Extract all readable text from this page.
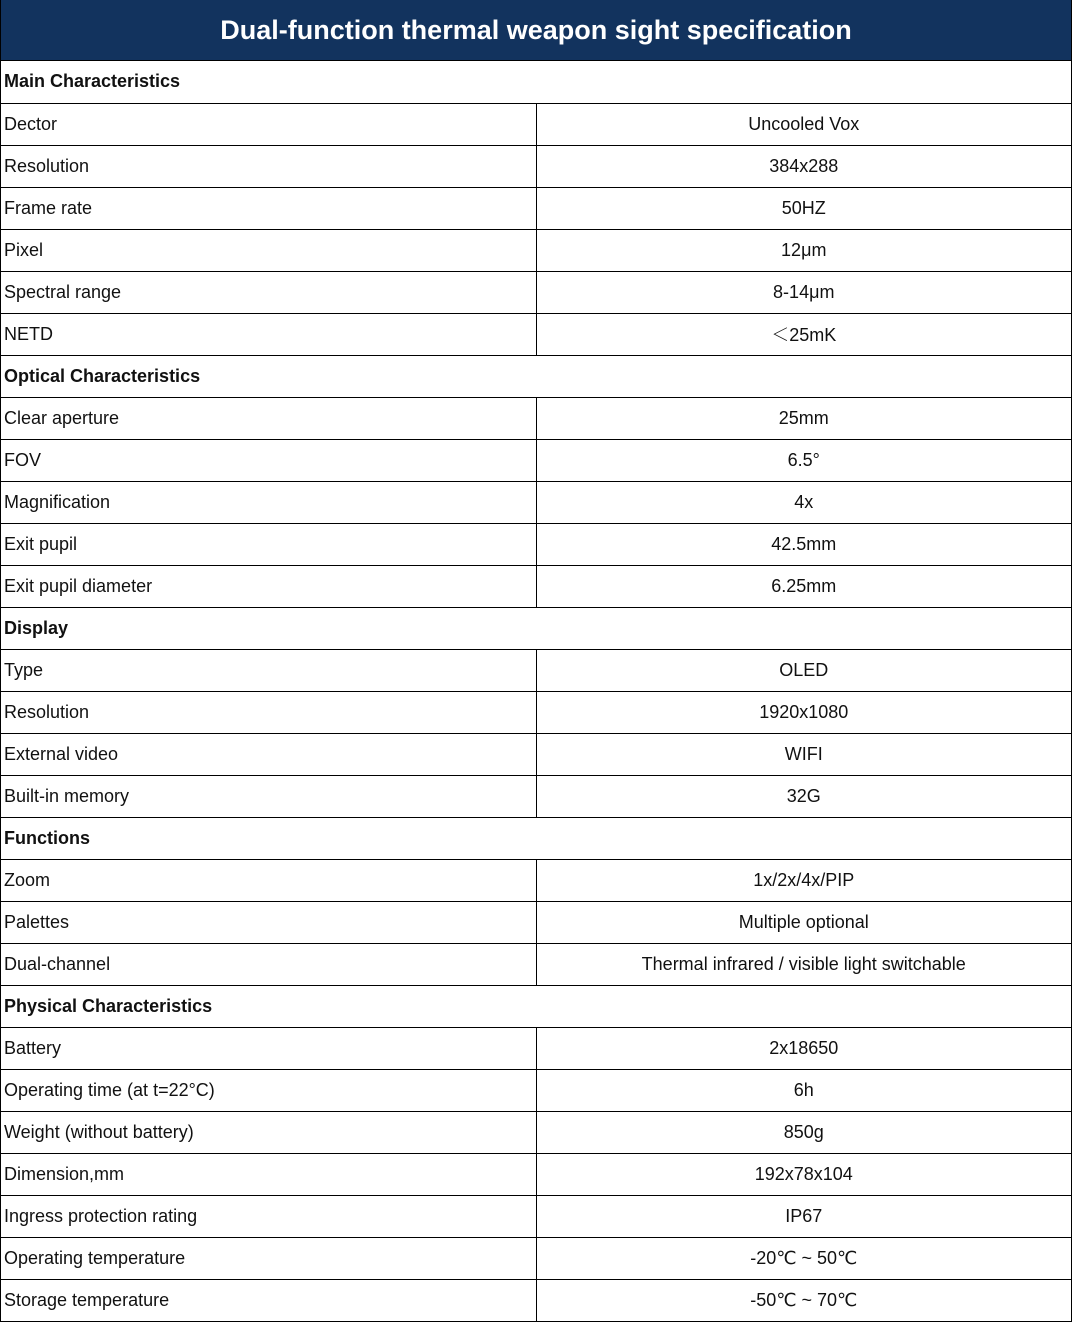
Dual-function thermal weapon sight specification
Main Characteristics	
Dector	Uncooled Vox
Resolution	384x288
Frame rate	50HZ
Pixel	12μm
Spectral range	8-14μm
NETD	＜25mK
Optical Characteristics	
Clear aperture	25mm
FOV	6.5°
Magnification	4x
Exit pupil	42.5mm
Exit pupil diameter	6.25mm
Display	
Type	OLED
Resolution	1920x1080
External video	WIFI
Built-in memory	32G
Functions	
Zoom	1x/2x/4x/PIP
Palettes	Multiple optional
Dual-channel	Thermal infrared / visible light switchable
Physical Characteristics	
Battery	2x18650
Operating time (at t=22°C)	6h
Weight (without battery)	850g
Dimension,mm	192x78x104
Ingress protection rating	IP67
Operating temperature	-20℃ ~ 50℃
Storage temperature	-50℃ ~ 70℃
